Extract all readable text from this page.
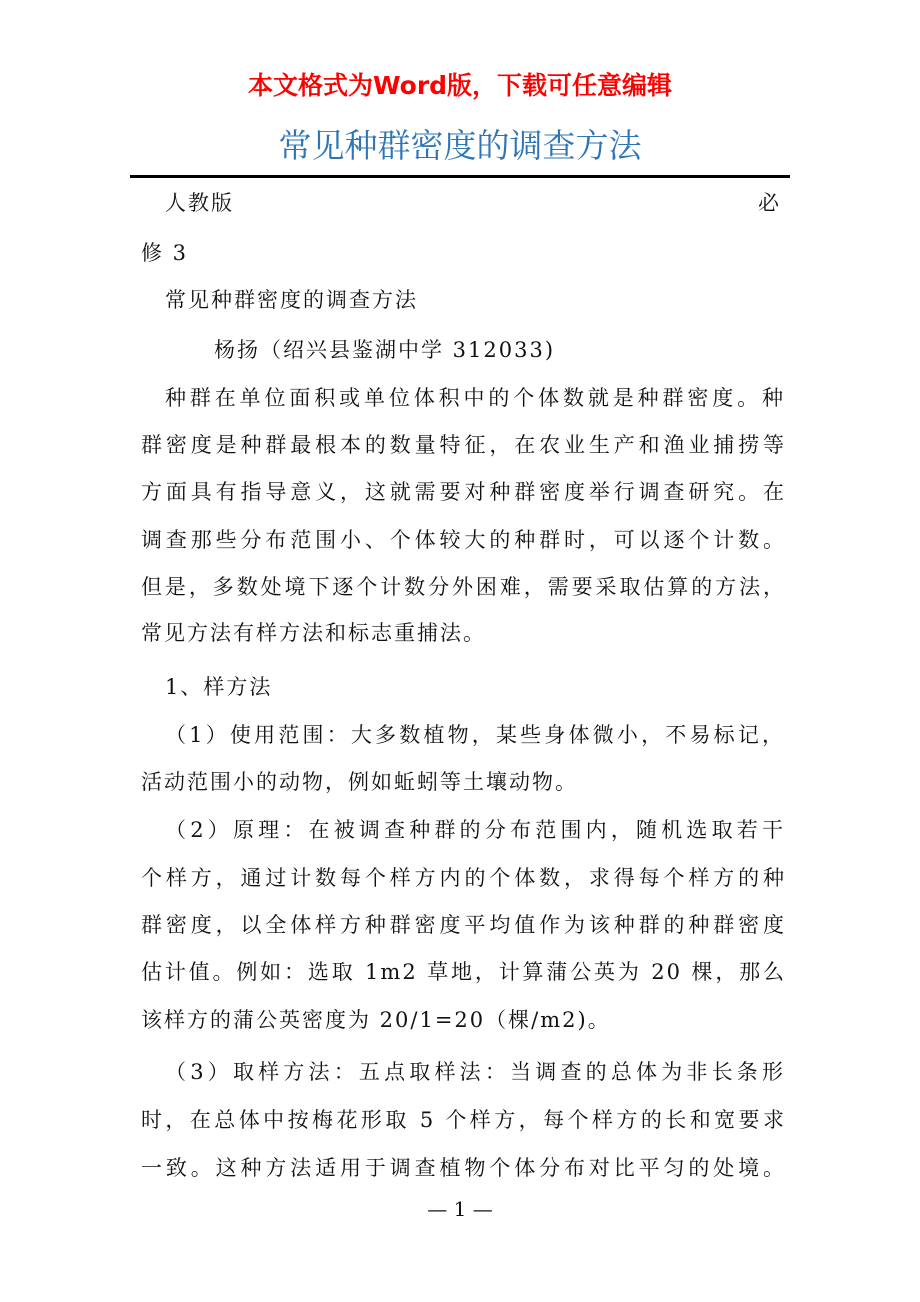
本文格式为Word版，下载可任意编辑
常见种群密度的调查方法
人教版	必
修 3
常见种群密度的调查方法
杨扬（绍兴县鉴湖中学 312033)
种群在单位面积或单位体积中的个体数就是种群密度。种
群密度是种群最根本的数量特征，在农业生产和渔业捕捞等
方面具有指导意义，这就需要对种群密度举行调查研究。在
调查那些分布范围小、个体较大的种群时，可以逐个计数。
但是，多数处境下逐个计数分外困难，需要采取估算的方法，
常见方法有样方法和标志重捕法。
1、样方法
（1）使用范围：大多数植物，某些身体微小，不易标记，
活动范围小的动物，例如蚯蚓等土壤动物。
（2）原理：在被调查种群的分布范围内，随机选取若干
个样方，通过计数每个样方内的个体数，求得每个样方的种
群密度，以全体样方种群密度平均值作为该种群的种群密度
估计值。例如：选取 1m2 草地，计算蒲公英为 20 棵，那么
该样方的蒲公英密度为 20/1=20（棵/m2)。
（3）取样方法：五点取样法：当调查的总体为非长条形
时，在总体中按梅花形取 5 个样方，每个样方的长和宽要求
一致。这种方法适用于调查植物个体分布对比平匀的处境。
— 1 —
